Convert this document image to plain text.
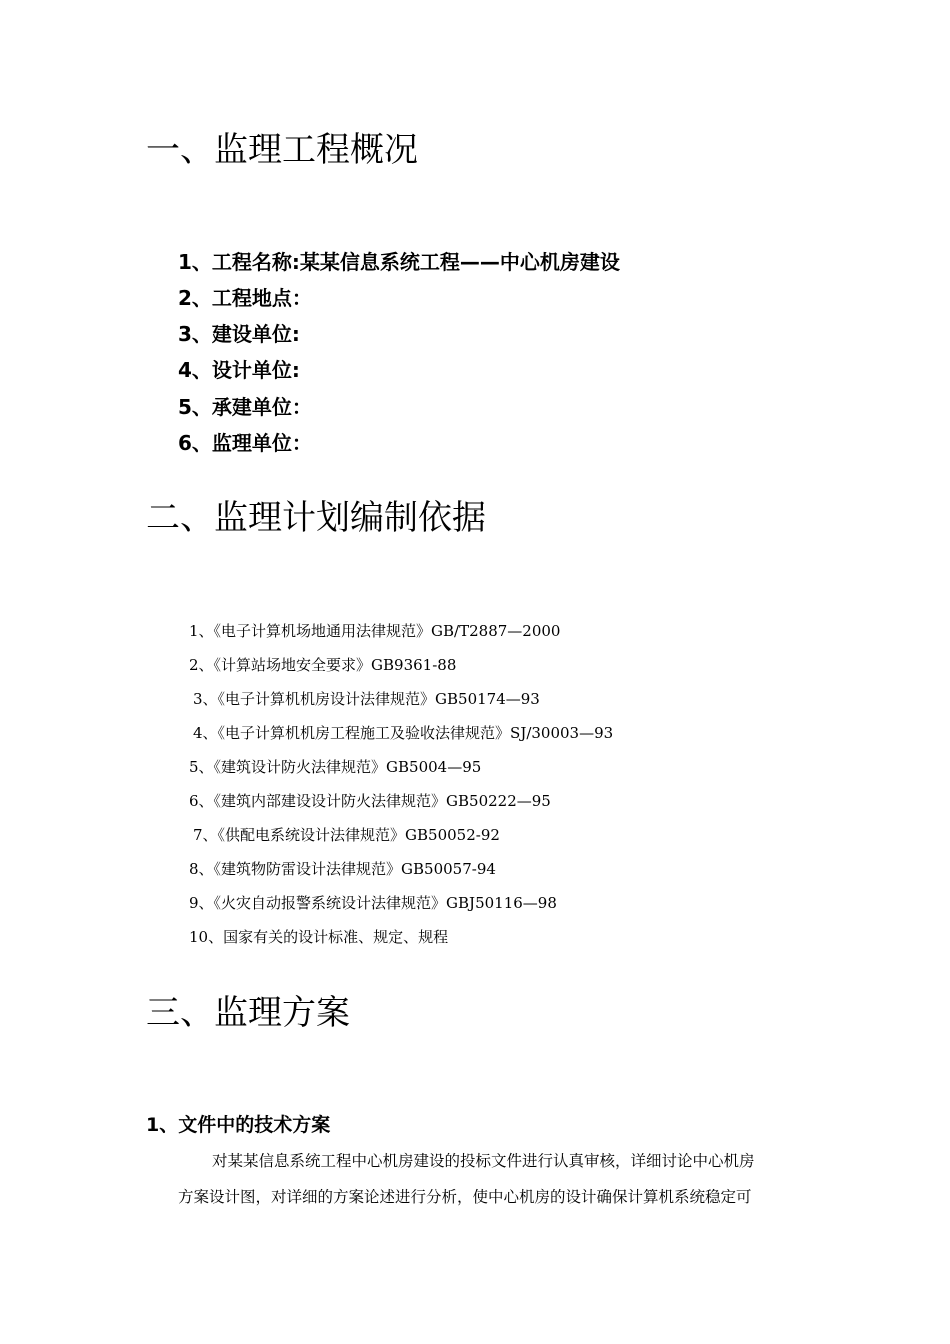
一、监理工程概况

1、工程名称:某某信息系统工程——中心机房建设

2、工程地点：

3、建设单位:

4、设计单位:

5、承建单位：

6、监理单位：

二、监理计划编制依据

1、《电子计算机场地通用法律规范》GB/T2887—2000

2、《计算站场地安全要求》GB9361-88

3、《电子计算机机房设计法律规范》GB50174—93

4、《电子计算机机房工程施工及验收法律规范》SJ/30003—93

5、《建筑设计防火法律规范》GB5004—95

6、《建筑内部建设设计防火法律规范》GB50222—95

7、《供配电系统设计法律规范》GB50052-92

8、《建筑物防雷设计法律规范》GB50057-94

9、《火灾自动报警系统设计法律规范》GBJ50116—98

10、国家有关的设计标准、规定、规程

三、监理方案
1、文件中的技术方案

对某某信息系统工程中心机房建设的投标文件进行认真审核，详细讨论中心机房

方案设计图，对详细的方案论述进行分析，使中心机房的设计确保计算机系统稳定可
